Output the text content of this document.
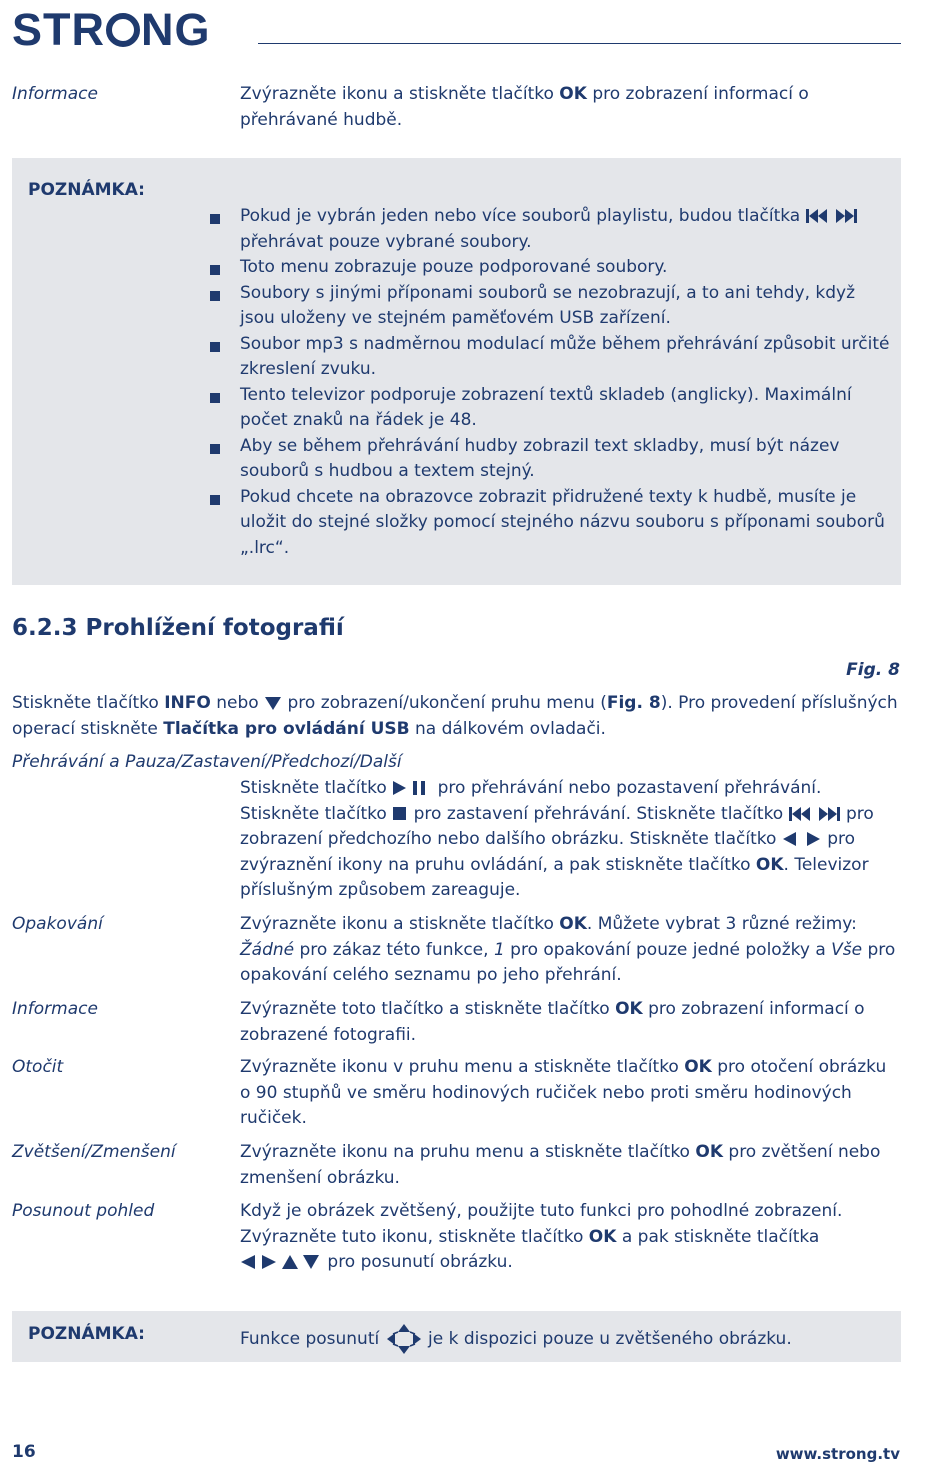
STR NG
Informace	Zvýrazněte ikonu a stiskněte tlačítko OK pro zobrazení informací o přehrávané hudbě.
POZNÁMKA:
Pokud je vybrán jeden nebo více souborů playlistu, budou tlačítka

přehrávat pouze vybrané soubory.
Toto menu zobrazuje pouze podporované soubory.
Soubory s jinými příponami souborů se nezobrazují, a to ani tehdy, když jsou uloženy ve stejném paměťovém USB zařízení.
Soubor mp3 s nadměrnou modulací může během přehrávání způsobit určité zkreslení zvuku.
Tento televizor podporuje zobrazení textů skladeb (anglicky). Maximální počet znaků na řádek je 48.
Aby se během přehrávání hudby zobrazil text skladby, musí být název souborů s hudbou a textem stejný.
Pokud chcete na obrazovce zobrazit přidružené texty k hudbě, musíte je uložit do stejné složky pomocí stejného názvu souboru s příponami souborů „.lrc“.
6.2.3 Prohlížení fotografií
Fig. 8
Stiskněte tlačítko INFO nebo
pro zobrazení/ukončení pruhu menu (Fig. 8). Pro provedení příslušných operací stiskněte Tlačítka pro ovládání USB na dálkovém ovladači.
Přehrávání a Pauza/Zastavení/Předchozí/Další
Stiskněte tlačítko
pro přehrávání nebo pozastavení přehrávání. Stiskněte tlačítko
pro zastavení přehrávání. Stiskněte tlačítko	pro zobrazení předchozího nebo dalšího obrázku. Stiskněte tlačítko
pro zvýraznění ikony na pruhu ovládání, a pak stiskněte tlačítko OK. Televizor příslušným způsobem zareaguje.
Opakování	Zvýrazněte ikonu a stiskněte tlačítko OK. Můžete vybrat 3 různé režimy: Žádné pro zákaz této funkce, 1 pro opakování pouze jedné položky a Vše pro opakování celého seznamu po jeho přehrání.
Informace	Zvýrazněte toto tlačítko a stiskněte tlačítko OK pro zobrazení informací o zobrazené fotografii.
Otočit	Zvýrazněte ikonu v pruhu menu a stiskněte tlačítko OK pro otočení obrázku o 90 stupňů ve směru hodinových ručiček nebo proti směru hodinových ručiček.
Zvětšení/Zmenšení	Zvýrazněte ikonu na pruhu menu a stiskněte tlačítko OK pro zvětšení nebo zmenšení obrázku.
Posunout pohled	Když je obrázek zvětšený, použijte tuto funkci pro pohodlné zobrazení. Zvýrazněte tuto ikonu, stiskněte tlačítko OK a pak stiskněte tlačítka
pro posunutí obrázku.
POZNÁMKA:	Funkce posunutí
je k dispozici pouze u zvětšeného obrázku.
16	www.strong.tv
